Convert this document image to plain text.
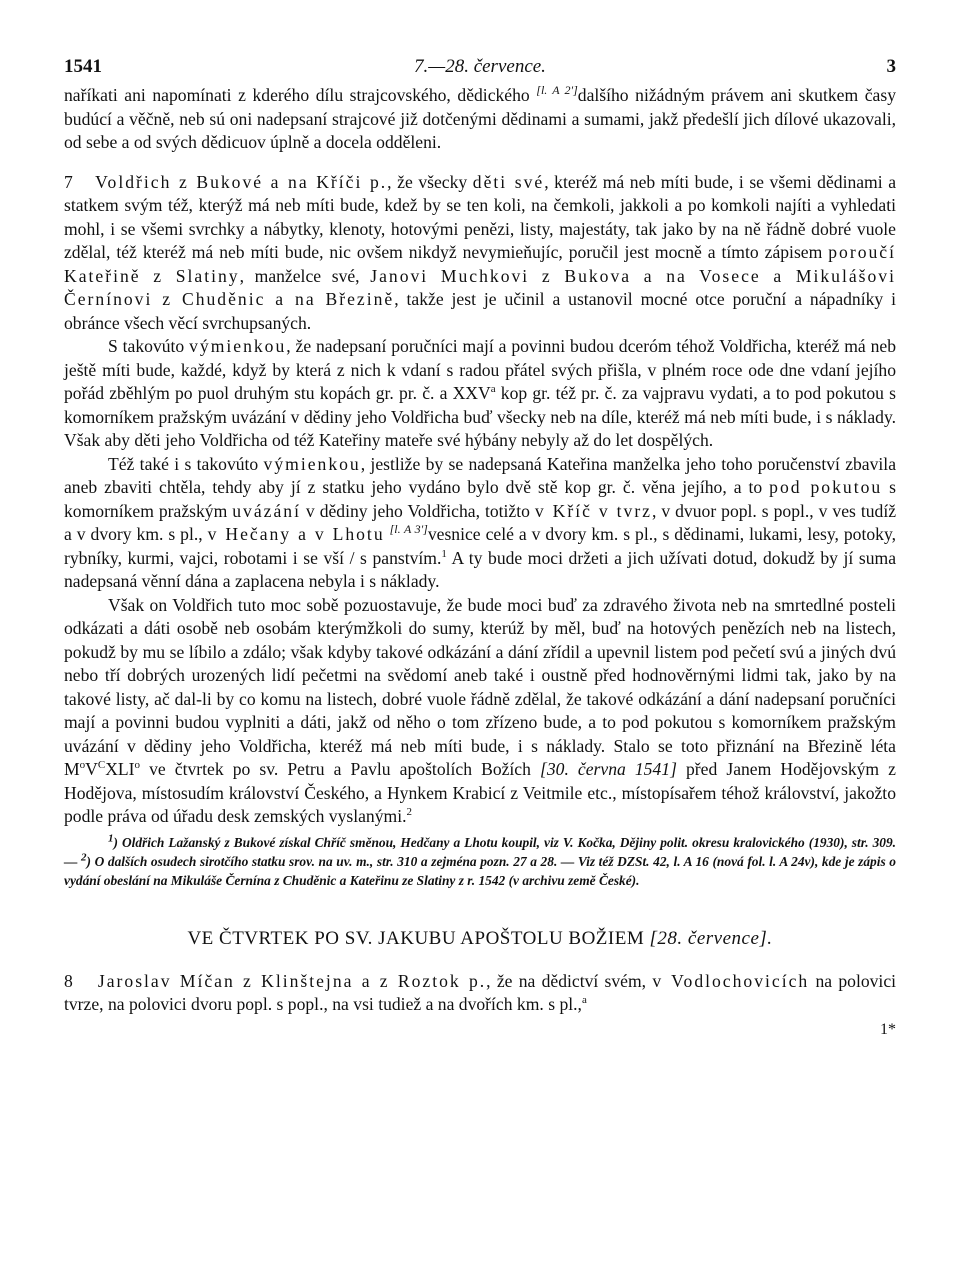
1541	7.—28. července.	3

naříkati ani napomínati z kderého dílu strajcovského, dědického [l. A 2']dalšího nižádným právem ani skutkem časy budúcí a věčně, neb sú oni nadepsaní strajcové již dotčenými dědinami a sumami, jakž předešlí jich dílové ukazovali, od sebe a od svých dědicuov úplně a docela odděleni.

7 Voldřich z Bukové a na Kříči p., že všecky děti své, kteréž má neb míti bude, i se všemi dědinami a statkem svým též, kterýž má neb míti bude, kdež by se ten koli, na čemkoli, jakkoli a po komkoli najíti a vyhledati mohl, i se všemi svrchky a nábytky, klenoty, hotovými penězi, listy, majestáty, tak jako by na ně řádně dobré vuole zdělal, též kteréž má neb míti bude, nic ovšem nikdyž nevymieňujíc, poručil jest mocně a tímto zápisem poroučí Kateřině z Slatiny, manželce své, Janovi Muchkovi z Bukova a na Vosece a Mikulášovi Černínovi z Chuděnic a na Březině, takže jest je učinil a ustanovil mocné otce poruční a nápadníky i obránce všech věcí svrchupsaných.

S takovúto výmienkou, že nadepsaní poručníci mají a povinni budou dceróm téhož Voldřicha, kteréž má neb ještě míti bude, každé, když by která z nich k vdaní s radou přátel svých přišla, v plném roce ode dne vdaní jejího pořád zběhlým po puol druhým stu kopách gr. pr. č. a XXV$^a$ kop gr. též pr. č. za vajpravu vydati, a to pod pokutou s komorníkem pražským uvázání v dědiny jeho Voldřicha buď všecky neb na díle, kteréž má neb míti bude, i s náklady. Však aby děti jeho Voldřicha od též Kateřiny mateře své hýbány nebyly až do let dospělých.

Též také i s takovúto výmienkou, jestliže by se nadepsaná Kateřina manželka jeho toho poručenství zbavila aneb zbaviti chtěla, tehdy aby jí z statku jeho vydáno bylo dvě stě kop gr. č. věna jejího, a to pod pokutou s komorníkem pražským uvázání v dědiny jeho Voldřicha, totižto v Kříč v tvrz, v dvuor popl. s popl., v ves tudíž a v dvory km. s pl., v Hečany a v Lhotu [l. A 3']vesnice celé a v dvory km. s pl., s dědinami, lukami, lesy, potoky, rybníky, kurmi, vajci, robotami i se vší / s panstvím.$^1$ A ty bude moci držeti a jich užívati dotud, dokudž by jí suma nadepsaná věnní dána a zaplacena nebyla i s náklady.

Však on Voldřich tuto moc sobě pozuostavuje, že bude moci buď za zdravého života neb na smrtedlné posteli odkázati a dáti osobě neb osobám kterýmžkoli do sumy, kterúž by měl, buď na hotových penězích neb na listech, pokudž by mu se líbilo a zdálo; však kdyby takové odkázání a dání zřídil a upevnil listem pod pečetí svú a jiných dvú nebo tří dobrých urozených lidí pečetmi na svědomí aneb také i oustně před hodnověrnými lidmi tak, jako by na takové listy, ač dal-li by co komu na listech, dobré vuole řádně zdělal, že takové odkázání a dání nadepsaní poručníci mají a povinni budou vyplniti a dáti, jakž od něho o tom zřízeno bude, a to pod pokutou s komorníkem pražským uvázání v dědiny jeho Voldřicha, kteréž má neb míti bude, i s náklady. Stalo se toto přiznání na Březině léta $M^oV^CXLI^o$ ve čtvrtek po sv. Petru a Pavlu apoštolích Božích [30. června 1541] před Janem Hodějovským z Hodějova, místosudím království Českého, a Hynkem Krabicí z Veitmile etc., místopísařem téhož království, jakožto podle práva od úřadu desk zemských vyslanými.$^2$

$^1$) Oldřich Lažanský z Bukové získal Chříč směnou, Hedčany a Lhotu koupil, viz V. Kočka, Dějiny polit. okresu kralovického (1930), str. 309. — $^2$) O dalších osudech sirotčího statku srov. na uv. m., str. 310 a zejména pozn. 27 a 28. — Viz též DZSt. 42, l. A 16 (nová fol. l. A 24v), kde je zápis o vydání obeslání na Mikuláše Černína z Chuděnic a Kateřinu ze Slatiny z r. 1542 (v archivu země České).

VE ČTVRTEK PO SV. JAKUBU APOŠTOLU BOŽIEM [28. července].

8 Jaroslav Míčan z Klinštejna a z Roztok p., že na dědictví svém, v Vodlochovicích na polovici tvrze, na polovici dvoru popl. s popl., na vsi tudiež a na dvořích km. s pl.,$^a$

1*
